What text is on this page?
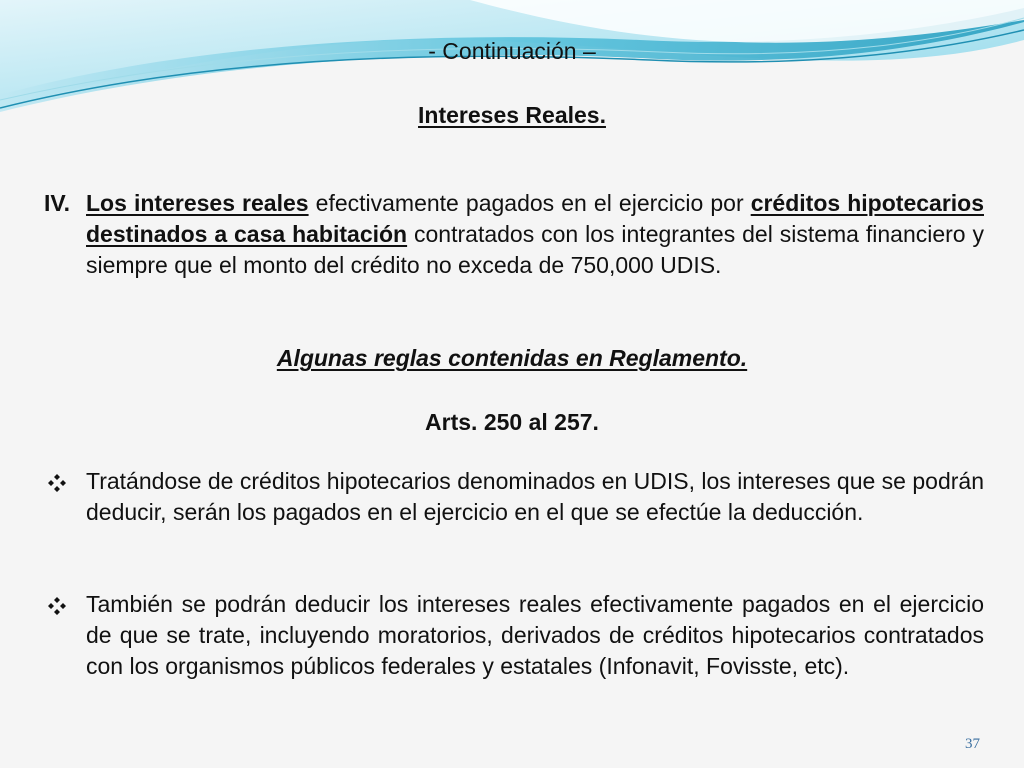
- Continuación –
Intereses Reales.
IV. Los intereses reales efectivamente pagados en el ejercicio por créditos hipotecarios destinados a casa habitación contratados con los integrantes del sistema financiero y siempre que el monto del crédito no exceda de 750,000 UDIS.
Algunas reglas contenidas en Reglamento.
Arts. 250 al 257.
Tratándose de créditos hipotecarios denominados en UDIS, los intereses que se podrán deducir, serán los pagados en el ejercicio en el que se efectúe la deducción.
También se podrán deducir los intereses reales efectivamente pagados en el ejercicio de que se trate, incluyendo moratorios, derivados de créditos hipotecarios contratados con los organismos públicos federales y estatales (Infonavit, Fovisste, etc).
37
